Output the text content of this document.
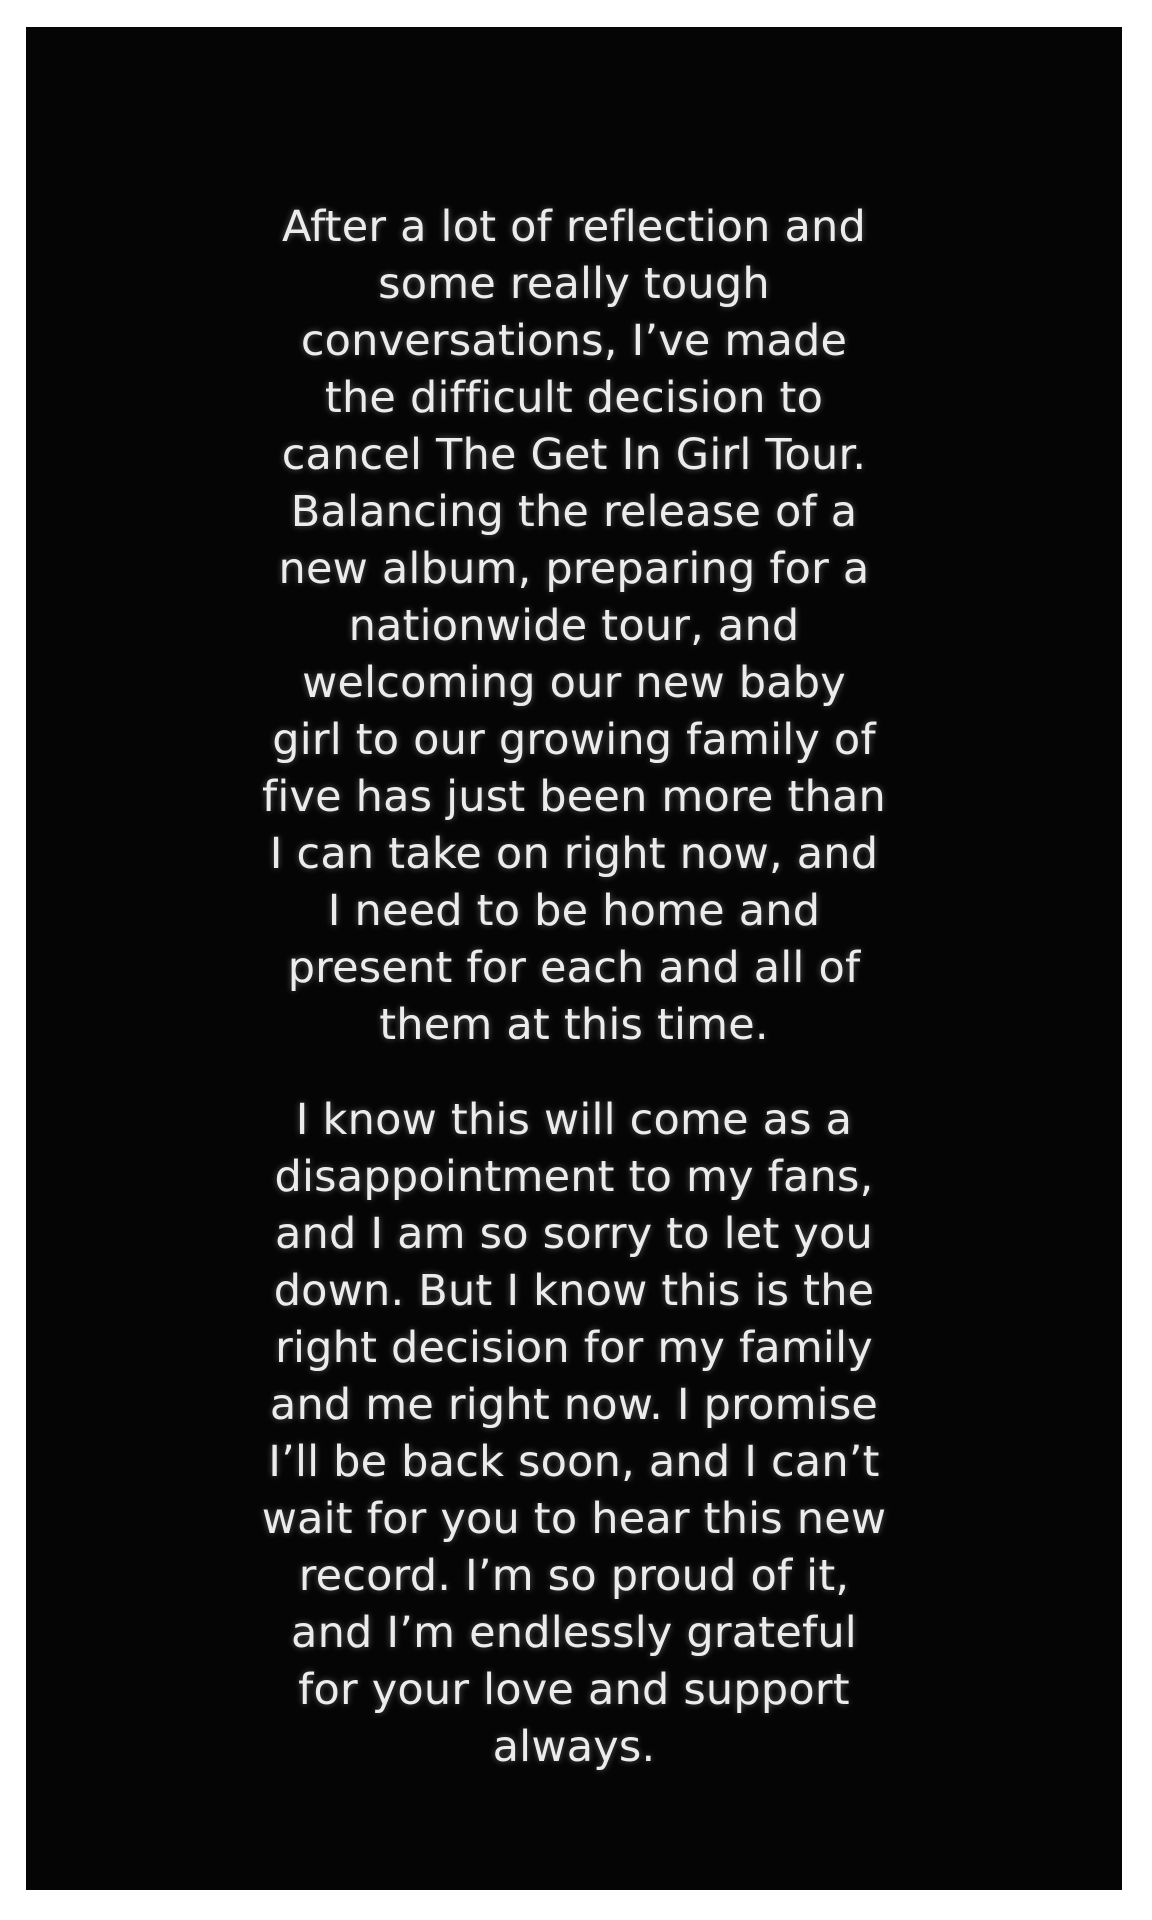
After a lot of reflection and
some really tough
conversations, I’ve made
the difficult decision to
cancel The Get In Girl Tour.
Balancing the release of a
new album, preparing for a
nationwide tour, and
welcoming our new baby
girl to our growing family of
five has just been more than
I can take on right now, and
I need to be home and
present for each and all of
them at this time.

I know this will come as a
disappointment to my fans,
and I am so sorry to let you
down. But I know this is the
right decision for my family
and me right now. I promise
I’ll be back soon, and I can’t
wait for you to hear this new
record. I’m so proud of it,
and I’m endlessly grateful
for your love and support
always.
